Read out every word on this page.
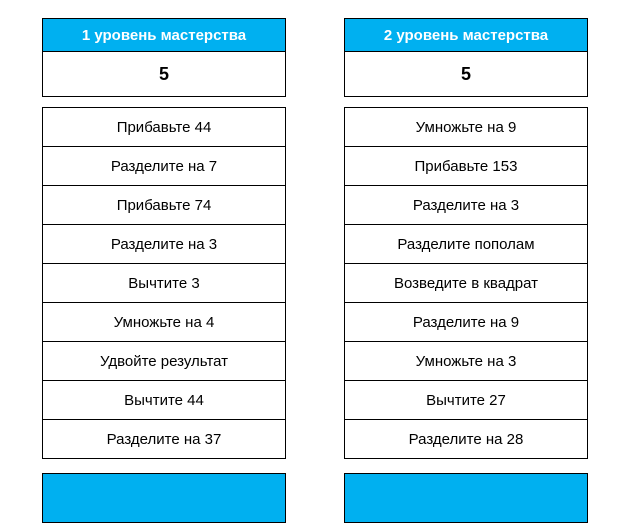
1 уровень мастерства
5
Прибавьте 44
Разделите на 7
Прибавьте 74
Разделите на 3
Вычтите 3
Умножьте на 4
Удвойте результат
Вычтите 44
Разделите на 37
2 уровень мастерства
5
Умножьте на 9
Прибавьте 153
Разделите на 3
Разделите пополам
Возведите в квадрат
Разделите на 9
Умножьте на 3
Вычтите 27
Разделите на 28
